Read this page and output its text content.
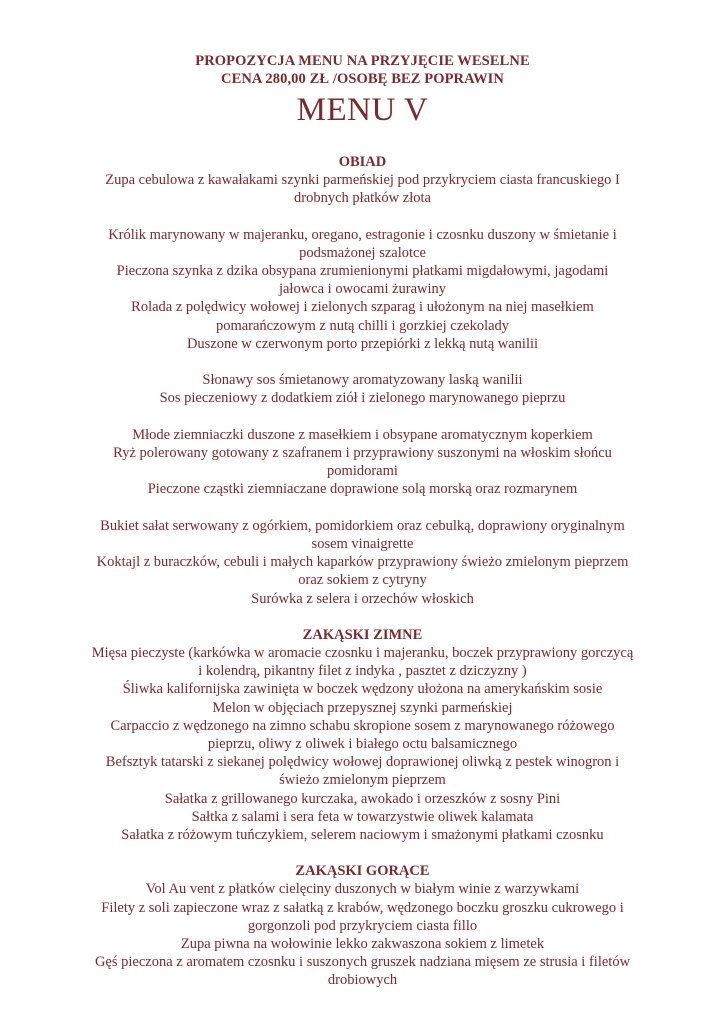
PROPOZYCJA MENU NA PRZYJĘCIE WESELNE
CENA 280,00 ZŁ /OSOBĘ BEZ POPRAWIN
MENU V
OBIAD
Zupa cebulowa z kawałakami szynki parmeńskiej pod przykryciem ciasta francuskiego I
drobnych płatków złota
Królik marynowany w majeranku, oregano, estragonie i czosnku duszony w śmietanie i
podsmażonej szalotce
Pieczona szynka z dzika obsypana zrumienionymi płatkami migdałowymi, jagodami
jałowca i owocami żurawiny
Rolada z polędwicy wołowej i zielonych szparag i ułożonym na niej masełkiem
pomarańczowym z nutą chilli i gorzkiej czekolady
Duszone w czerwonym porto przepiórki z lekką nutą wanilii
Słonawy sos śmietanowy aromatyzowany laską wanilii
Sos pieczeniowy z dodatkiem ziół i zielonego marynowanego pieprzu
Młode ziemniaczki duszone z masełkiem i obsypane aromatycznym koperkiem
Ryż polerowany gotowany z szafranem i przyprawiony suszonymi na włoskim słońcu
pomidorami
Pieczone cząstki ziemniaczane doprawione solą morską oraz rozmarynem
Bukiet sałat serwowany z ogórkiem, pomidorkiem oraz cebulką, doprawiony oryginalnym
sosem vinaigrette
Koktajl z buraczków, cebuli i małych kaparków przyprawiony świeżo zmielonym pieprzem
oraz sokiem z cytryny
Surówka z selera i orzechów włoskich
ZAKĄSKI ZIMNE
Mięsa pieczyste (karkówka w aromacie czosnku i majeranku, boczek przyprawiony gorczycą
i kolendrą, pikantny filet z indyka , pasztet z dziczyzny )
Śliwka kalifornijska zawinięta w boczek wędzony ułożona na amerykańskim sosie
Melon w objęciach przepysznej szynki parmeńskiej
Carpaccio z wędzonego na zimno schabu skropione sosem z marynowanego różowego
pieprzu, oliwy z oliwek i białego octu balsamicznego
Befsztyk tatarski z siekanej polędwicy wołowej doprawionej oliwką z pestek winogron i
świeżo zmielonym pieprzem
Sałatka z grillowanego kurczaka, awokado i orzeszków z sosny Pini
Sałtka z salami i sera feta w towarzystwie oliwek kalamata
Sałatka z różowym tuńczykiem, selerem naciowym i smażonymi płatkami czosnku
ZAKĄSKI GORĄCE
Vol Au vent z płatków cielęciny duszonych w białym winie z warzywkami
Filety z soli zapieczone wraz z sałatką z krabów, wędzonego boczku groszku cukrowego i
gorgonzoli pod przykryciem ciasta fillo
Zupa piwna na wołowinie lekko zakwaszona sokiem z limetek
Gęś pieczona z aromatem czosnku i suszonych gruszek nadziana mięsem ze strusia i filetów
drobiowych
